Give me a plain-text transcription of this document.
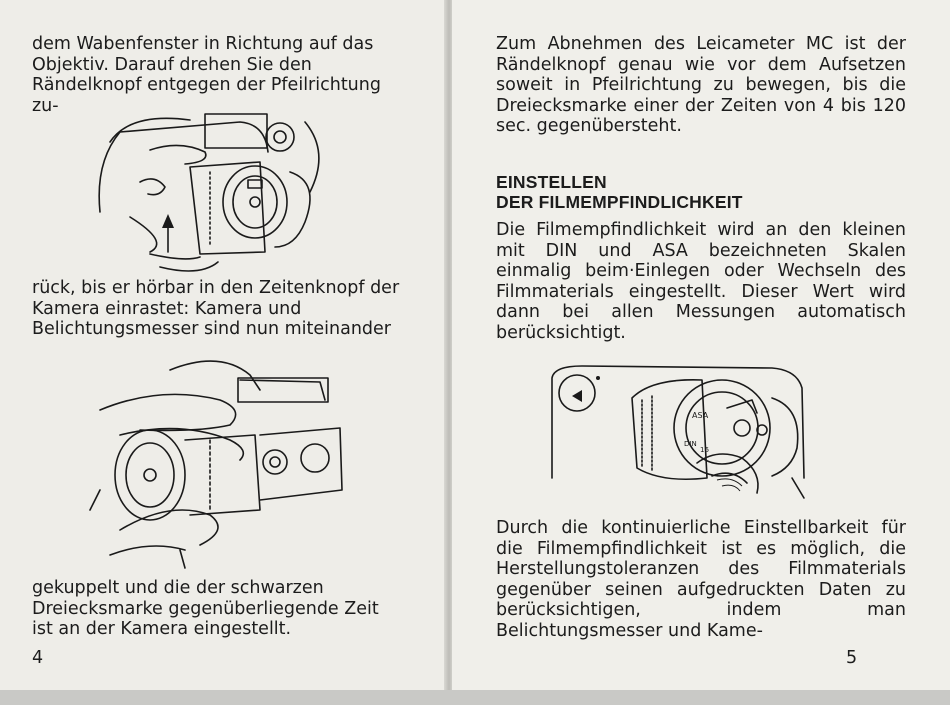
dem Wabenfenster in Richtung auf das Objektiv. Darauf drehen Sie den Rändelknopf entgegen der Pfeilrichtung zu-

rück, bis er hörbar in den Zeitenknopf der Kamera einrastet: Kamera und Belichtungsmesser sind nun miteinander

gekuppelt und die der schwarzen Dreiecksmarke gegenüberliegende Zeit ist an der Kamera eingestellt.

4

Zum Abnehmen des Leicameter MC ist der Rändelknopf genau wie vor dem Aufsetzen soweit in Pfeilrichtung zu bewegen, bis die Dreiecksmarke einer der Zeiten von 4 bis 120 sec. gegenübersteht.

EINSTELLEN
DER FILMEMPFINDLICHKEIT

Die Filmempfindlichkeit wird an den kleinen mit DIN und ASA bezeichneten Skalen einmalig beim·Einlegen oder Wechseln des Filmmaterials eingestellt. Dieser Wert wird dann bei allen Messungen automatisch berücksichtigt.

ASA
DIN
16

Durch die kontinuierliche Einstellbarkeit für die Filmempfindlichkeit ist es möglich, die Herstellungstoleranzen des Filmmaterials gegenüber seinen aufgedruckten Daten zu berücksichtigen, indem man Belichtungsmesser und Kame-

5
